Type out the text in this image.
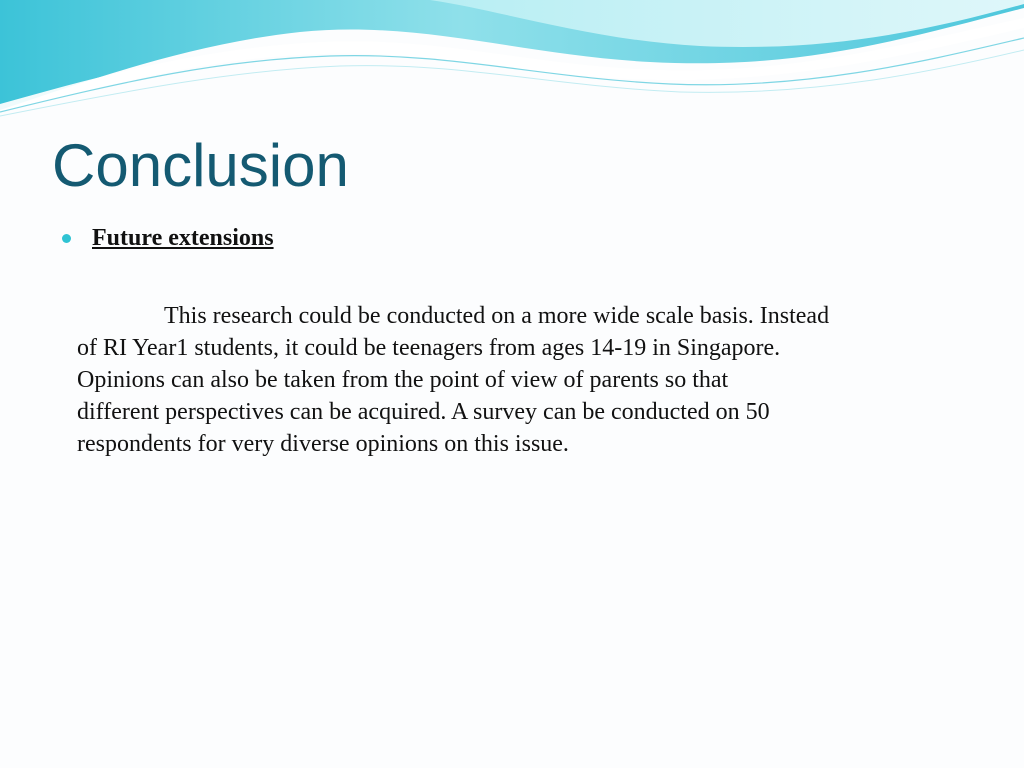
Conclusion
Future extensions

This research could be conducted on a more wide scale basis. Instead
of RI Year1 students, it could be teenagers from ages 14-19 in Singapore.
Opinions can also be taken from the point of view of parents so that
different perspectives can be acquired. A survey can be conducted on 50
respondents for very diverse opinions on this issue.
